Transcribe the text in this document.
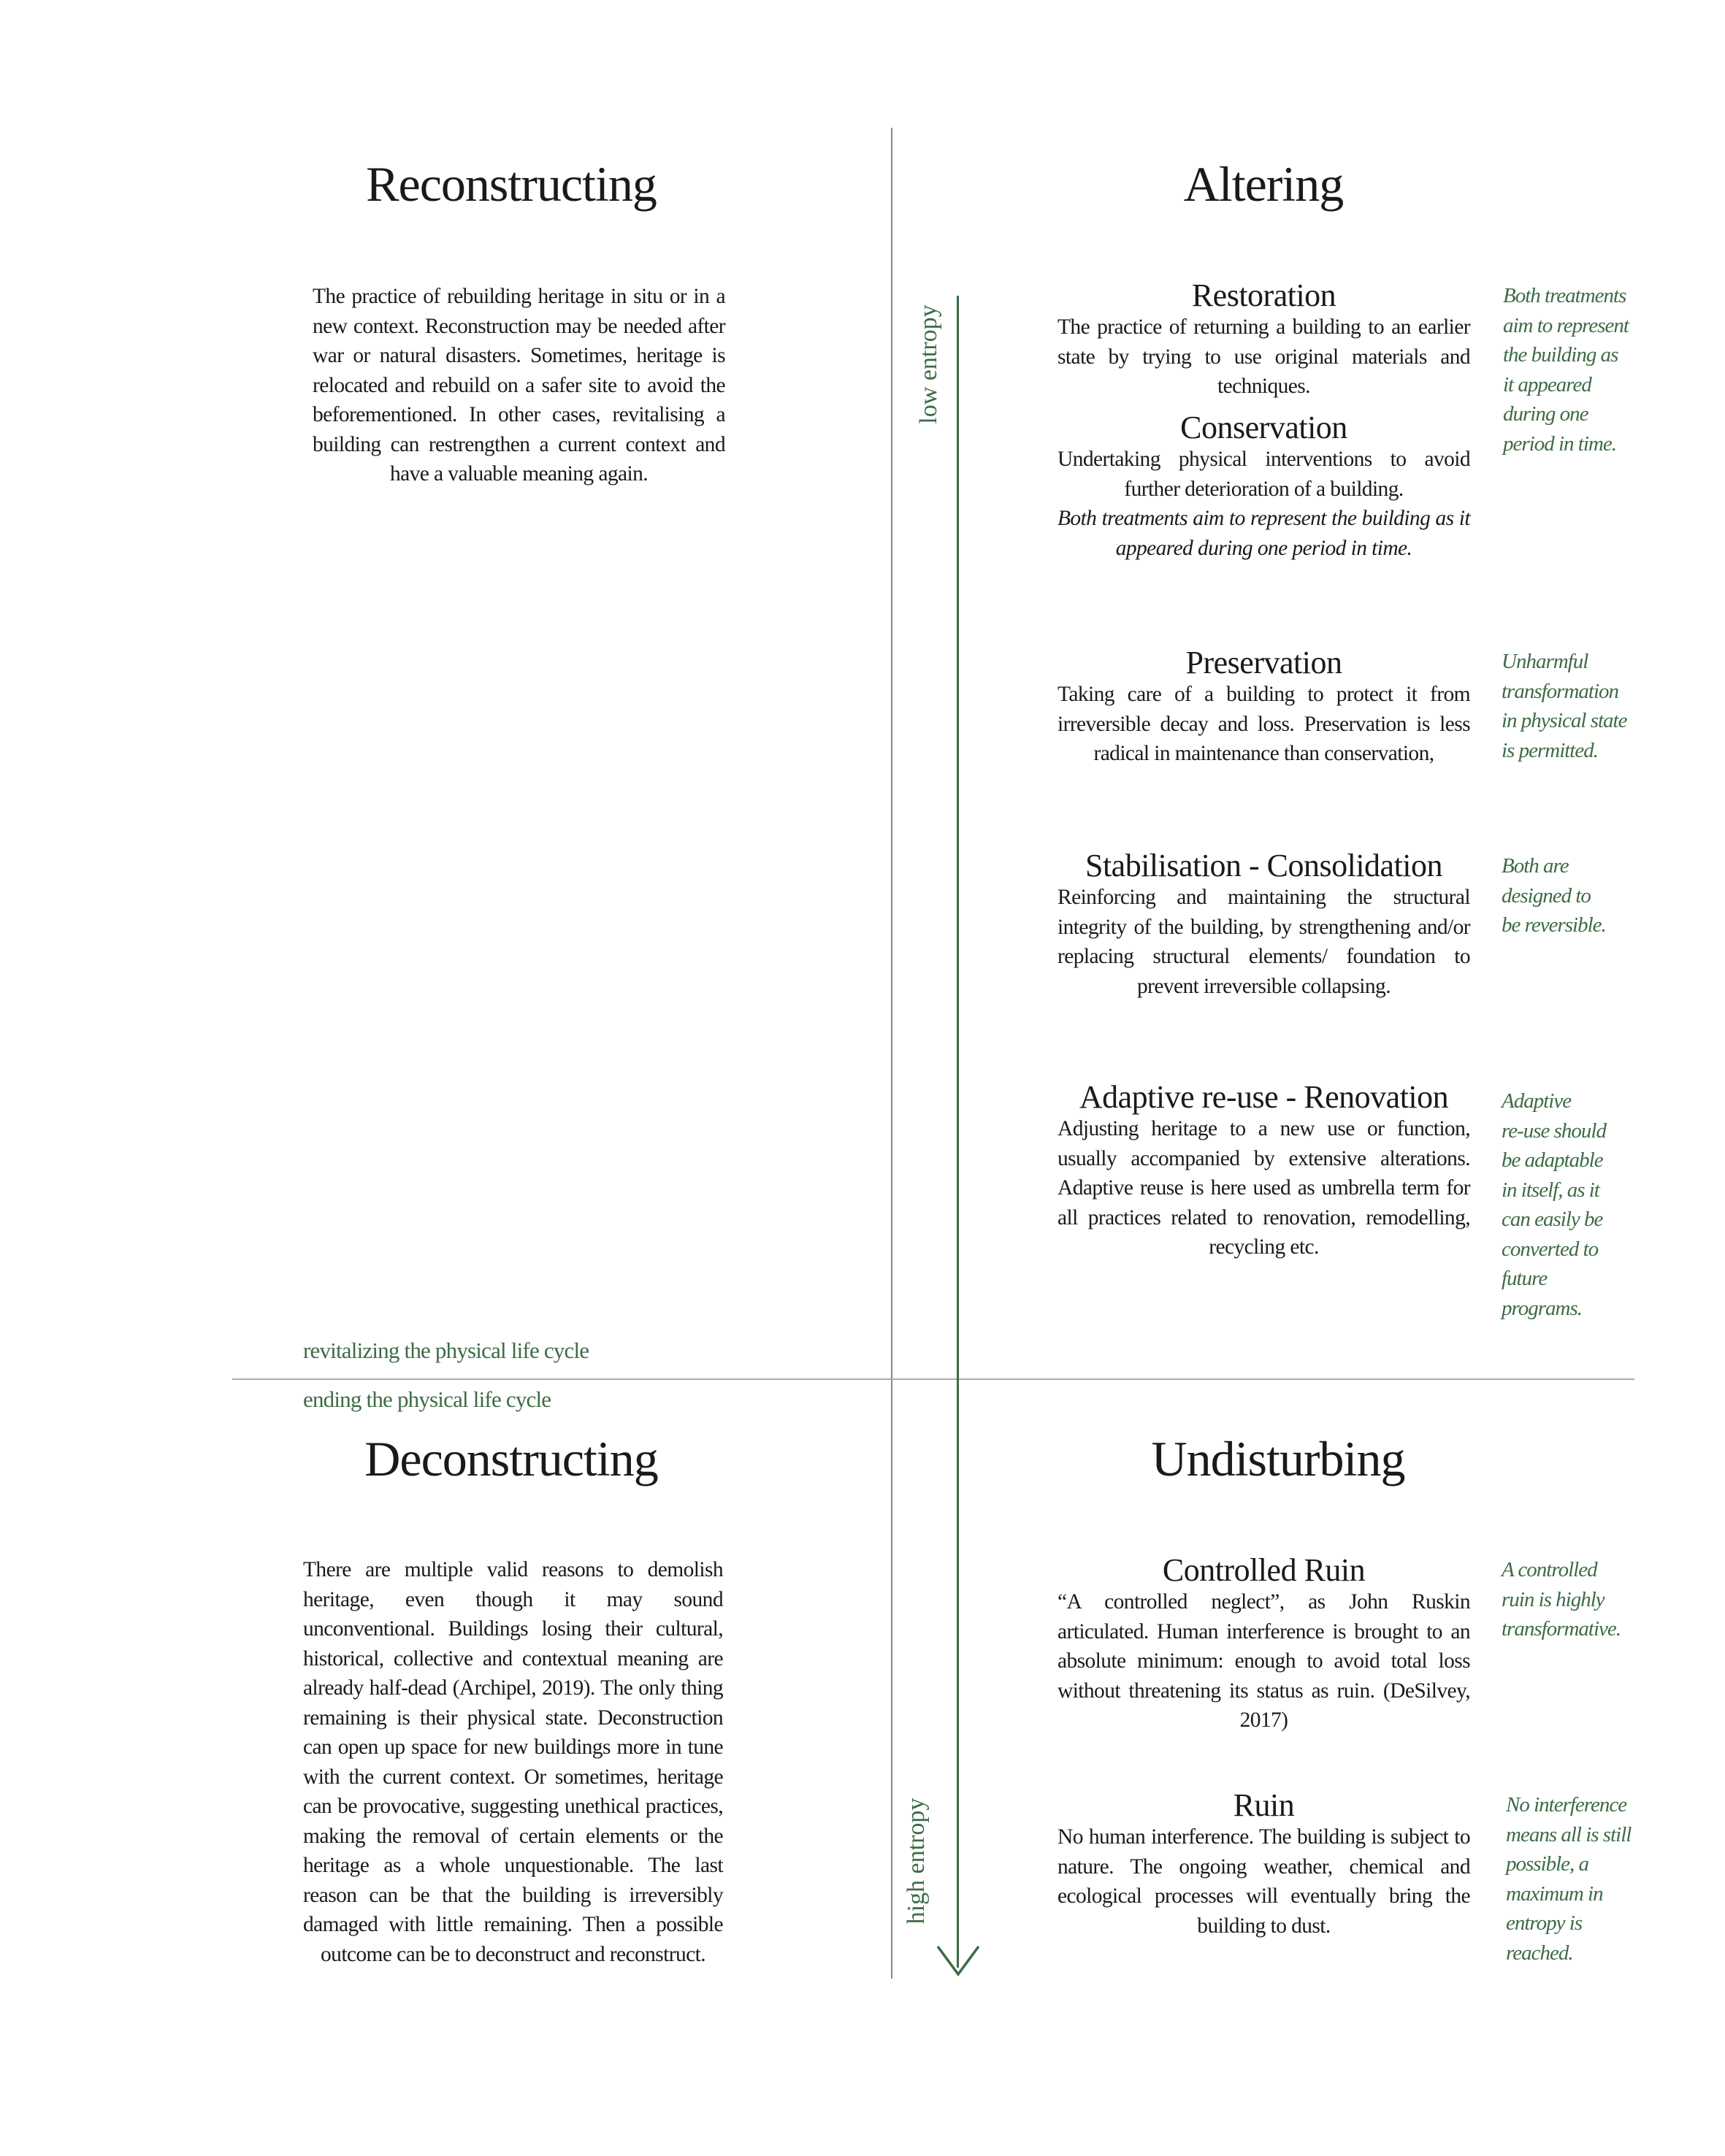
low entropy
high entropy
revitalizing the physical life cycle
ending the physical life cycle
Reconstructing	Altering
Deconstructing	Undisturbing
The practice of rebuilding heritage in situ or in a new context. Reconstruction may be needed after war or natural disasters. Sometimes, heritage is relocated and rebuild on a safer site to avoid the beforementioned. In other cases, revitalising a building can restrengthen a current context and have a valuable meaning again.
There are multiple valid reasons to demolish heritage, even though it may sound unconventional. Buildings losing their cultural, historical, collective and contextual meaning are already half-dead (Archipel, 2019). The only thing remaining is their physical state. Deconstruction can open up space for new buildings more in tune with the current context. Or sometimes, heritage can be provocative, suggesting unethical practices, making the removal of certain elements or the heritage as a whole unquestionable. The last reason can be that the building is irreversibly damaged with little remaining. Then a possible outcome can be to deconstruct and reconstruct.
Restoration
The practice of returning a building to an earlier state by trying to use original materials and techniques.
Conservation
Undertaking physical interventions to avoid further deterioration of a building.
Both treatments aim to represent the building as it appeared during one period in time.
Preservation
Taking care of a building to protect it from irreversible decay and loss. Preservation is less radical in maintenance than conservation,
Stabilisation - Consolidation
Reinforcing and maintaining the structural integrity of the building, by strengthening and/or replacing structural elements/ foundation to prevent irreversible collapsing.
Adaptive re-use - Renovation
Adjusting heritage to a new use or function, usually accompanied by extensive alterations. Adaptive reuse is here used as umbrella term for all practices related to renovation, remodelling, recycling etc.
Controlled Ruin
“A controlled neglect”, as John Ruskin articulated. Human interference is brought to an absolute minimum: enough to avoid total loss without threatening its status as ruin. (DeSilvey, 2017)
Ruin
No human interference. The building is subject to nature. The ongoing weather, chemical and ecological processes will eventually bring the building to dust.
Both treatments
aim to represent
the building as
it appeared
during one
period in time.
Unharmful
transformation
in physical state
is permitted.
Both are
designed to
be reversible.
Adaptive
re-use should
be adaptable
in itself, as it
can easily be
converted to
future
programs.
A controlled
ruin is highly
transformative.
No interference
means all is still
possible, a
maximum in
entropy is
reached.
